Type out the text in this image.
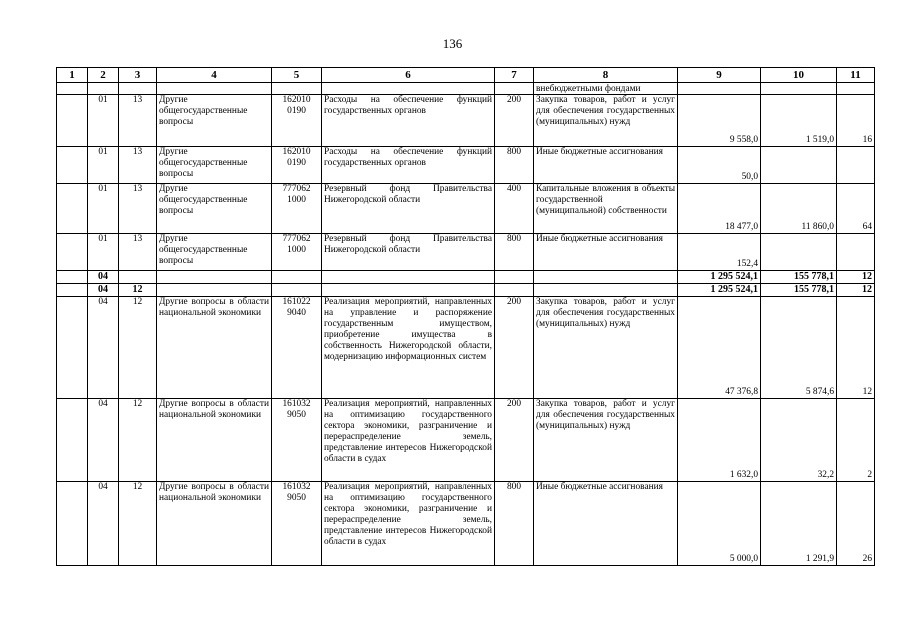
136
1	2	3	4	5	6	7	8	9	10	11
							внебюджетными фондами			
	01	13	Другие общегосударственные вопросы	162010 0190	Расходы на обеспечение функций государственных органов	200	Закупка товаров, работ и услуг для обеспечения государственных (муниципальных) нужд	9 558,0	1 519,0	16
	01	13	Другие общегосударственные вопросы	162010 0190	Расходы на обеспечение функций государственных органов	800	Иные бюджетные ассигнования	50,0		
	01	13	Другие общегосударственные вопросы	777062 1000	Резервный фонд Правительства Нижегородской области	400	Капитальные вложения в объекты государственной (муниципальной) собственности	18 477,0	11 860,0	64
	01	13	Другие общегосударственные вопросы	777062 1000	Резервный фонд Правительства Нижегородской области	800	Иные бюджетные ассигнования	152,4		
	04							1 295 524,1	155 778,1	12
	04	12						1 295 524,1	155 778,1	12
	04	12	Другие вопросы в области национальной экономики	161022 9040	Реализация мероприятий, направленных на управление и распоряжение государственным имуществом, приобретение имущества в собственность Нижегородской области, модернизацию информационных систем	200	Закупка товаров, работ и услуг для обеспечения государственных (муниципальных) нужд	47 376,8	5 874,6	12
	04	12	Другие вопросы в области национальной экономики	161032 9050	Реализация мероприятий, направленных на оптимизацию государственного сектора экономики, разграничение и перераспределение земель, представление интересов Нижегородской области в судах	200	Закупка товаров, работ и услуг для обеспечения государственных (муниципальных) нужд	1 632,0	32,2	2
	04	12	Другие вопросы в области национальной экономики	161032 9050	Реализация мероприятий, направленных на оптимизацию государственного сектора экономики, разграничение и перераспределение земель, представление интересов Нижегородской области в судах	800	Иные бюджетные ассигнования	5 000,0	1 291,9	26
